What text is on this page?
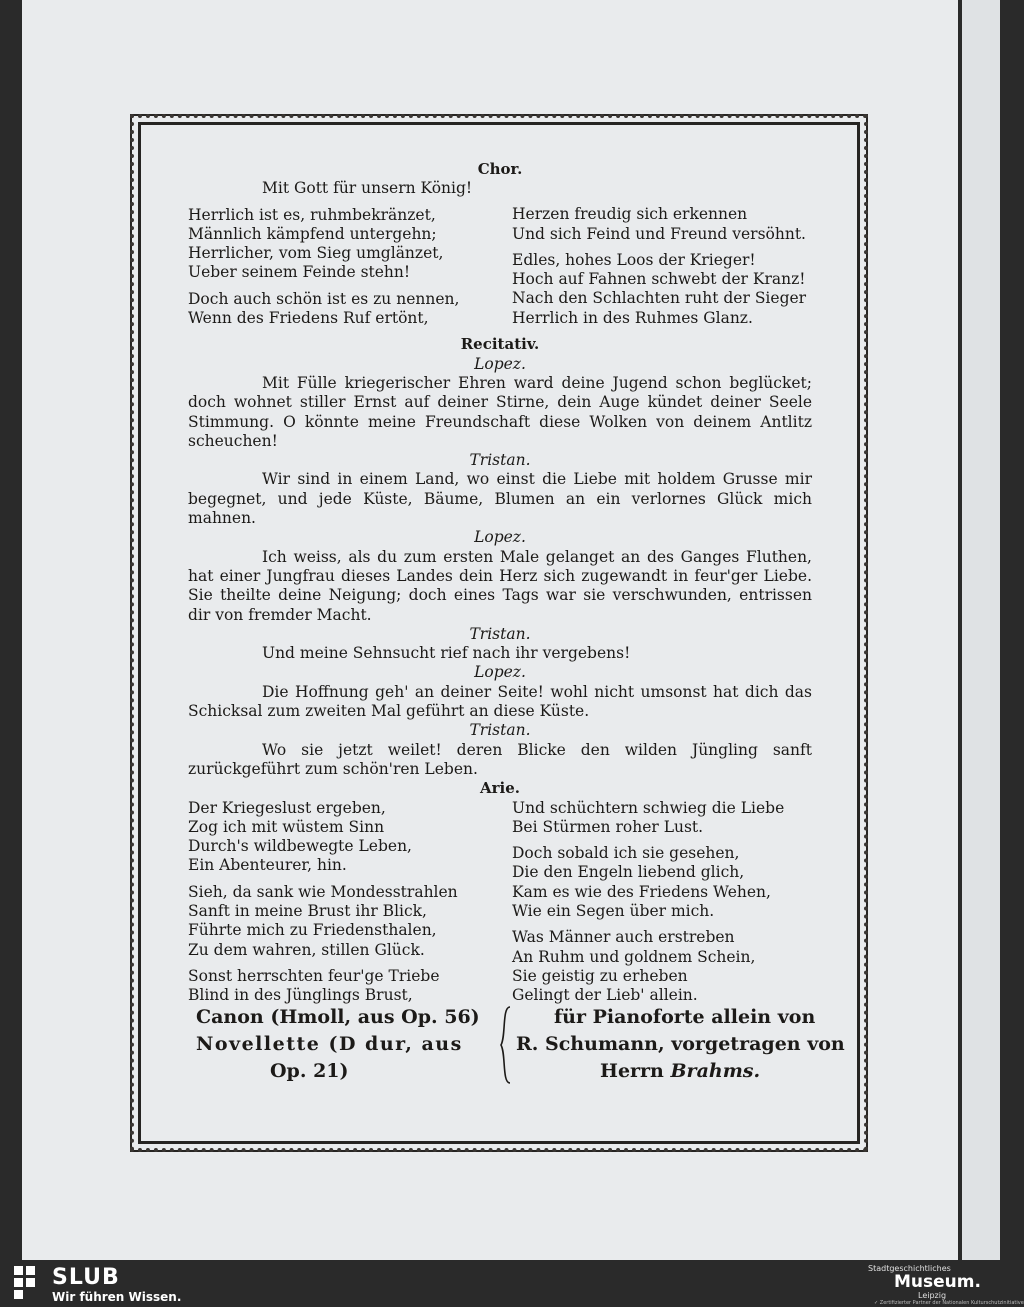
Chor.
Mit Gott für unsern König!
Herrlich ist es, ruhmbekränzet,
Männlich kämpfend untergehn;
Herrlicher, vom Sieg umglänzet,
Ueber seinem Feinde stehn!
Doch auch schön ist es zu nennen,
Wenn des Friedens Ruf ertönt,
Herzen freudig sich erkennen
Und sich Feind und Freund versöhnt.
Edles, hohes Loos der Krieger!
Hoch auf Fahnen schwebt der Kranz!
Nach den Schlachten ruht der Sieger
Herrlich in des Ruhmes Glanz.
Recitativ.
Lopez.

Mit Fülle kriegerischer Ehren ward deine Jugend schon beglücket; doch wohnet stiller Ernst auf deiner Stirne, dein Auge kündet deiner Seele Stimmung. O könnte meine Freundschaft diese Wolken von deinem Antlitz scheuchen!

Tristan.

Wir sind in einem Land, wo einst die Liebe mit holdem Grusse mir begegnet, und jede Küste, Bäume, Blumen an ein verlornes Glück mich mahnen.

Lopez.

Ich weiss, als du zum ersten Male gelanget an des Ganges Fluthen, hat einer Jungfrau dieses Landes dein Herz sich zugewandt in feur'ger Liebe. Sie theilte deine Neigung; doch eines Tags war sie verschwunden, entrissen dir von fremder Macht.

Tristan.

Und meine Sehnsucht rief nach ihr vergebens!

Lopez.

Die Hoffnung geh' an deiner Seite! wohl nicht umsonst hat dich das Schicksal zum zweiten Mal geführt an diese Küste.

Tristan.

Wo sie jetzt weilet! deren Blicke den wilden Jüngling sanft zurückgeführt zum schön'ren Leben.

Arie.
Der Kriegeslust ergeben,
Zog ich mit wüstem Sinn
Durch's wildbewegte Leben,
Ein Abenteurer, hin.
Sieh, da sank wie Mondesstrahlen
Sanft in meine Brust ihr Blick,
Führte mich zu Friedensthalen,
Zu dem wahren, stillen Glück.
Sonst herrschten feur'ge Triebe
Blind in des Jünglings Brust,
Und schüchtern schwieg die Liebe
Bei Stürmen roher Lust.
Doch sobald ich sie gesehen,
Die den Engeln liebend glich,
Kam es wie des Friedens Wehen,
Wie ein Segen über mich.
Was Männer auch erstreben
An Ruhm und goldnem Schein,
Sie geistig zu erheben
Gelingt der Lieb' allein.
Canon (Hmoll, aus Op. 56)
Novellette (D dur, aus
Op. 21)
für Pianoforte allein von
R. Schumann, vorgetragen von
Herrn Brahms.
SLUB
Wir führen Wissen.
Stadtgeschichtliches
Museum.
Leipzig
✓ Zertifizierter Partner der Nationalen Kulturschutzinitiative
